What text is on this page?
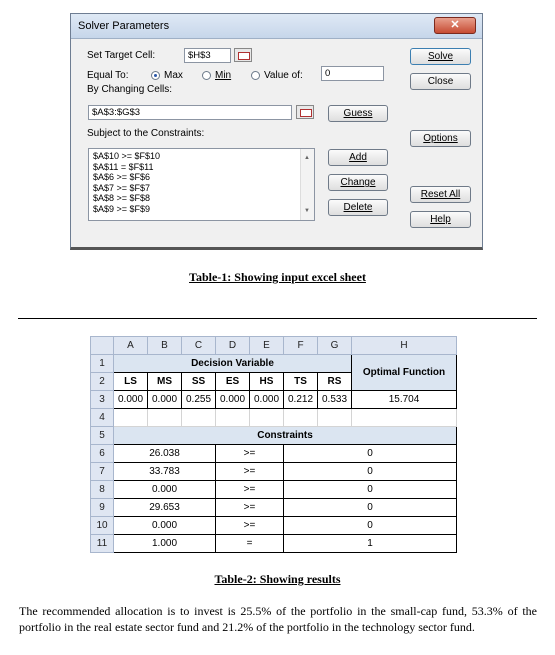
Solver Parameters	✕
Set Target Cell:	$H$3
Equal To:	Max	Min	Value of:	0
By Changing Cells:
$A$3:$G$3	Guess
Subject to the Constraints:
$A$10 >= $F$10
$A$11 = $F$11
$A$6 >= $F$6
$A$7 >= $F$7
$A$8 >= $F$8
$A$9 >= $F$9
▲
▼
Add
Change
Delete
Solve
Close
Options
Reset All
Help
Table-1: Showing input excel sheet
	A	B	C	D	E	F	G	H
1	Decision Variable							Optimal Function
2	LS	MS	SS	ES	HS	TS	RS	
3	0.000	0.000	0.255	0.000	0.000	0.212	0.533	15.704
4								
5	Constraints							
6	26.038			>=		0		
7	33.783			>=		0		
8	0.000			>=		0		
9	29.653			>=		0		
10	0.000			>=		0		
11	1.000			=		1		
Table-2: Showing results

The recommended allocation is to invest is 25.5% of the portfolio in the small-cap fund, 53.3% of the portfolio in the real estate sector fund and 21.2% of the portfolio in the technology sector fund.
